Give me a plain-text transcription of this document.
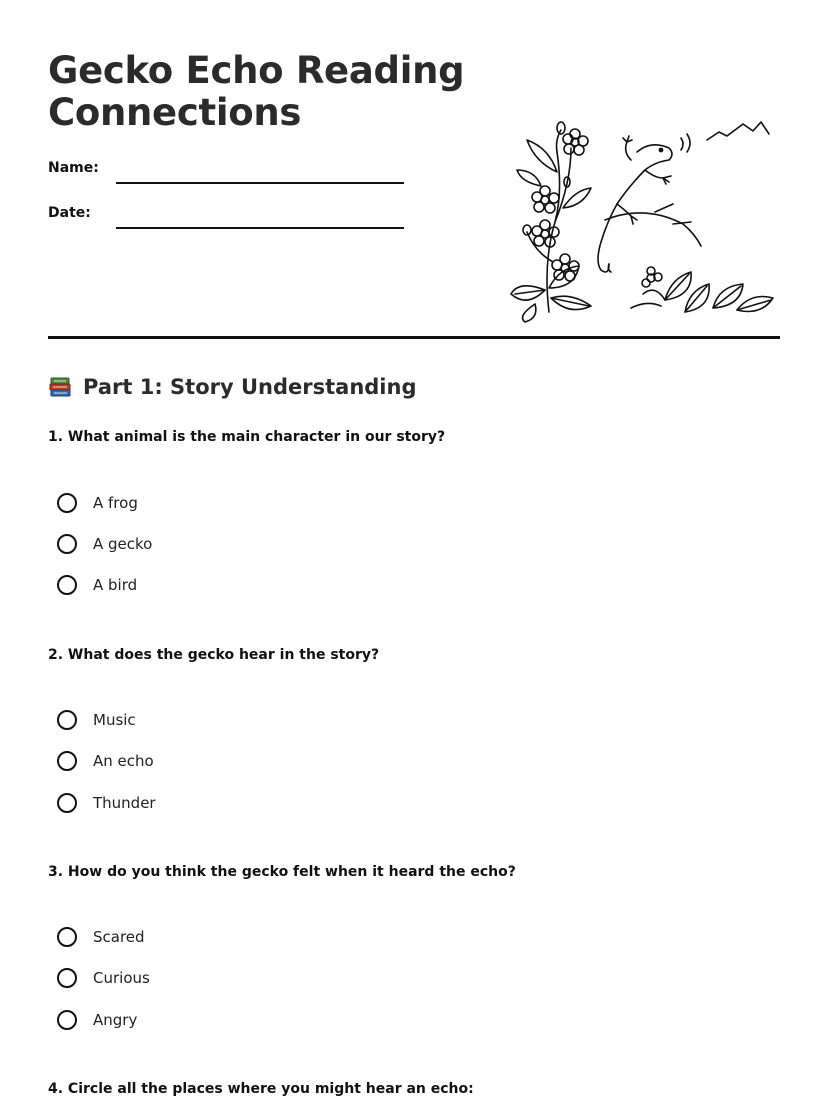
Gecko Echo Reading Connections
Name:
Date:
Part 1: Story Understanding

1. What animal is the main character in our story?

A frog
A gecko
A bird

2. What does the gecko hear in the story?

Music
An echo
Thunder

3. How do you think the gecko felt when it heard the echo?

Scared
Curious
Angry

4. Circle all the places where you might hear an echo:
